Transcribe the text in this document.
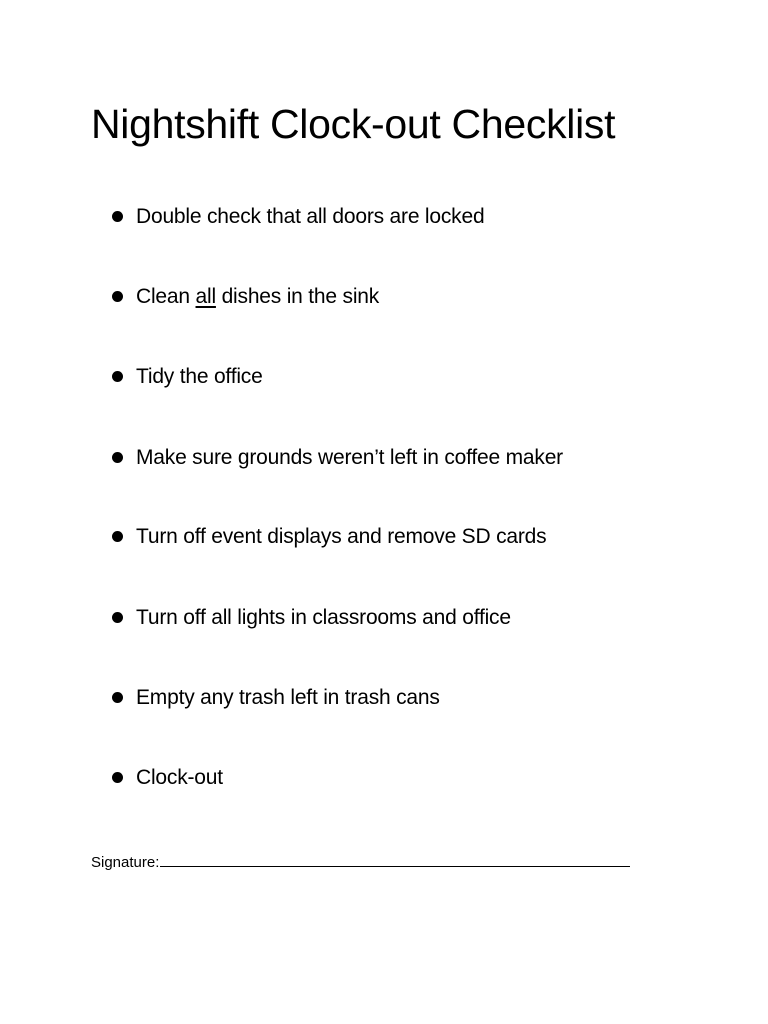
Nightshift Clock-out Checklist
Double check that all doors are locked
Clean all dishes in the sink
Tidy the office
Make sure grounds weren’t left in coffee maker
Turn off event displays and remove SD cards
Turn off all lights in classrooms and office
Empty any trash left in trash cans
Clock-out
Signature:
